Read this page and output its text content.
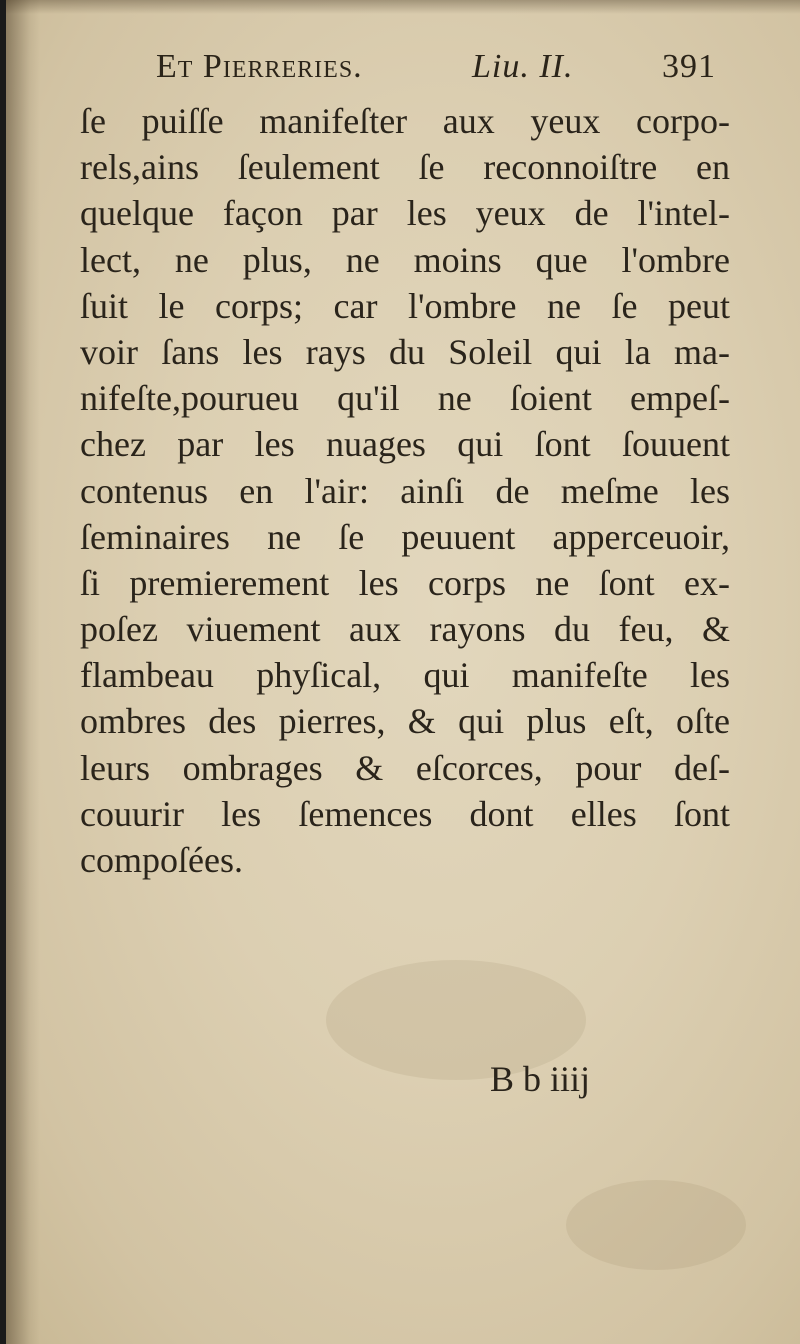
Et Pierreries.	Liu. II.	391
ſe puiſſe manifeſter aux yeux corpo-
rels,ains ſeulement ſe reconnoiſtre en
quelque façon par les yeux de l'intel-
lect, ne plus, ne moins que l'ombre
ſuit le corps; car l'ombre ne ſe peut
voir ſans les rays du Soleil qui la ma-
nifeſte,pourueu qu'il ne ſoient empeſ-
chez par les nuages qui ſont ſouuent
contenus en l'air: ainſi de meſme les
ſeminaires ne ſe peuuent apperceuoir,
ſi premierement les corps ne ſont ex-
poſez viuement aux rayons du feu, &
flambeau phyſical, qui manifeſte les
ombres des pierres, & qui plus eſt, oſte
leurs ombrages & eſcorces, pour deſ-
couurir les ſemences dont elles ſont
compoſées.
B b iiij
